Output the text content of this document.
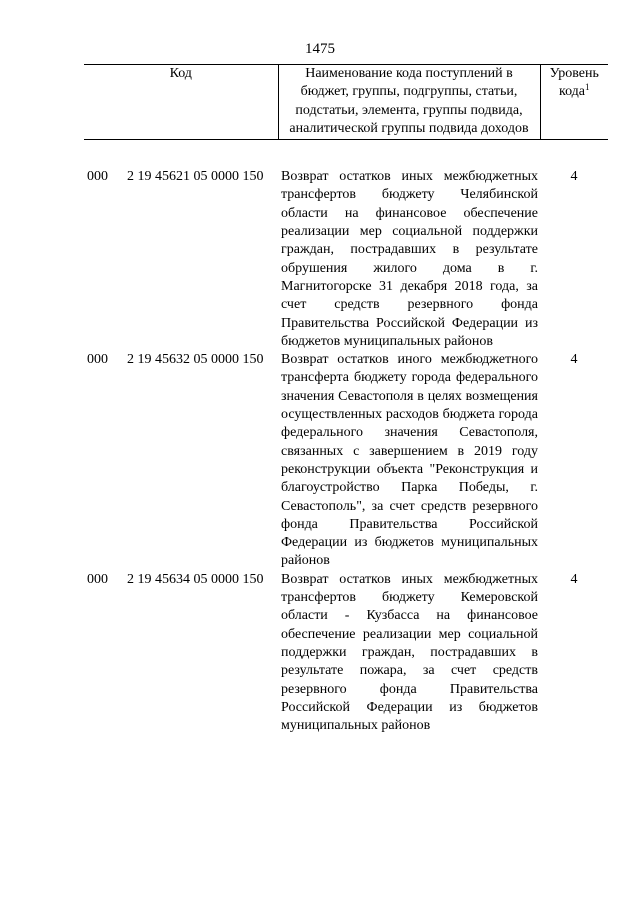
1475
Код	Наименование кода поступлений в бюджет, группы, подгруппы, статьи, подстатьи, элемента, группы подвида, аналитической группы подвида доходов	Уровень кода$^1$

000 2 19 45621 05 0000 150	Возврат остатков иных межбюджетных трансфертов бюджету Челябинской области на финансовое обеспечение реализации мер социальной поддержки граждан, пострадавших в результате обрушения жилого дома в г. Магнитогорске 31 декабря 2018 года, за счет средств резервного фонда Правительства Российской Федерации из бюджетов муниципальных районов	4
000 2 19 45632 05 0000 150	Возврат остатков иного межбюджетного трансферта бюджету города федерального значения Севастополя в целях возмещения осуществленных расходов бюджета города федерального значения Севастополя, связанных с завершением в 2019 году реконструкции объекта "Реконструкция и благоустройство Парка Победы, г. Севастополь", за счет средств резервного фонда Правительства Российской Федерации из бюджетов муниципальных районов	4
000 2 19 45634 05 0000 150	Возврат остатков иных межбюджетных трансфертов бюджету Кемеровской области - Кузбасса на финансовое обеспечение реализации мер социальной поддержки граждан, пострадавших в результате пожара, за счет средств резервного фонда Правительства Российской Федерации из бюджетов муниципальных районов	4
